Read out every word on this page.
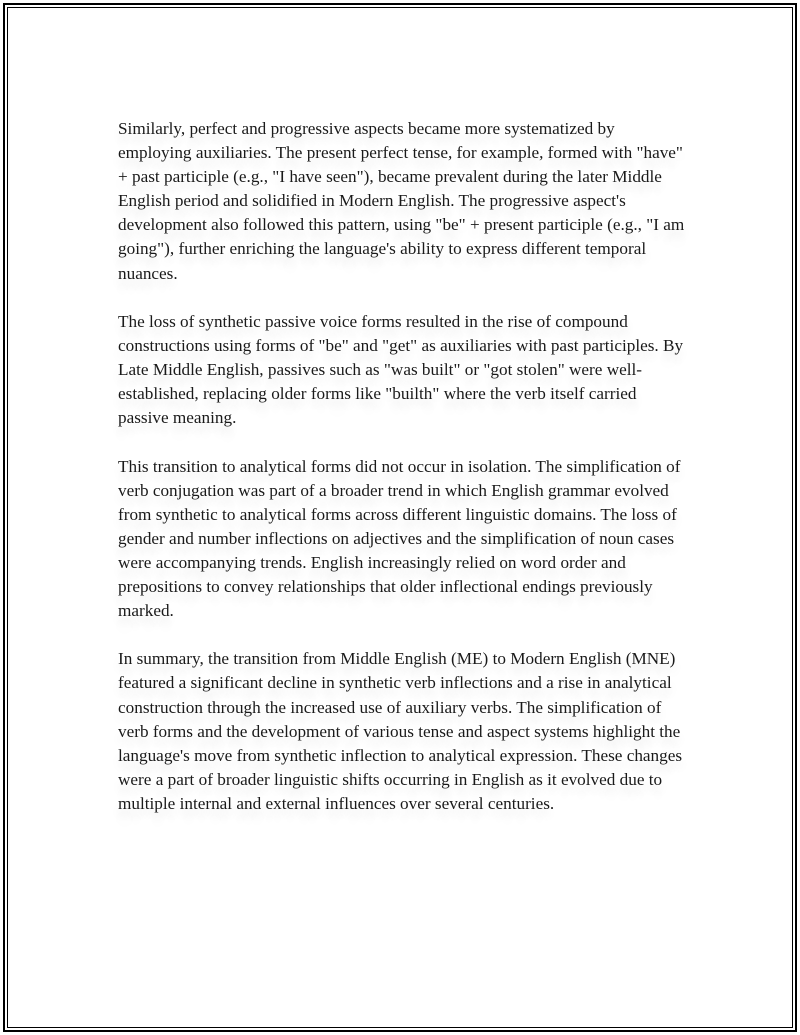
Similarly, perfect and progressive aspects became more systematized by employing auxiliaries. The present perfect tense, for example, formed with "have" + past participle (e.g., "I have seen"), became prevalent during the later Middle English period and solidified in Modern English. The progressive aspect's development also followed this pattern, using "be" + present participle (e.g., "I am going"), further enriching the language's ability to express different temporal nuances.

The loss of synthetic passive voice forms resulted in the rise of compound constructions using forms of "be" and "get" as auxiliaries with past participles. By Late Middle English, passives such as "was built" or "got stolen" were well-established, replacing older forms like "builth" where the verb itself carried passive meaning.

This transition to analytical forms did not occur in isolation. The simplification of verb conjugation was part of a broader trend in which English grammar evolved from synthetic to analytical forms across different linguistic domains. The loss of gender and number inflections on adjectives and the simplification of noun cases were accompanying trends. English increasingly relied on word order and prepositions to convey relationships that older inflectional endings previously marked.

In summary, the transition from Middle English (ME) to Modern English (MNE) featured a significant decline in synthetic verb inflections and a rise in analytical construction through the increased use of auxiliary verbs. The simplification of verb forms and the development of various tense and aspect systems highlight the language's move from synthetic inflection to analytical expression. These changes were a part of broader linguistic shifts occurring in English as it evolved due to multiple internal and external influences over several centuries.
